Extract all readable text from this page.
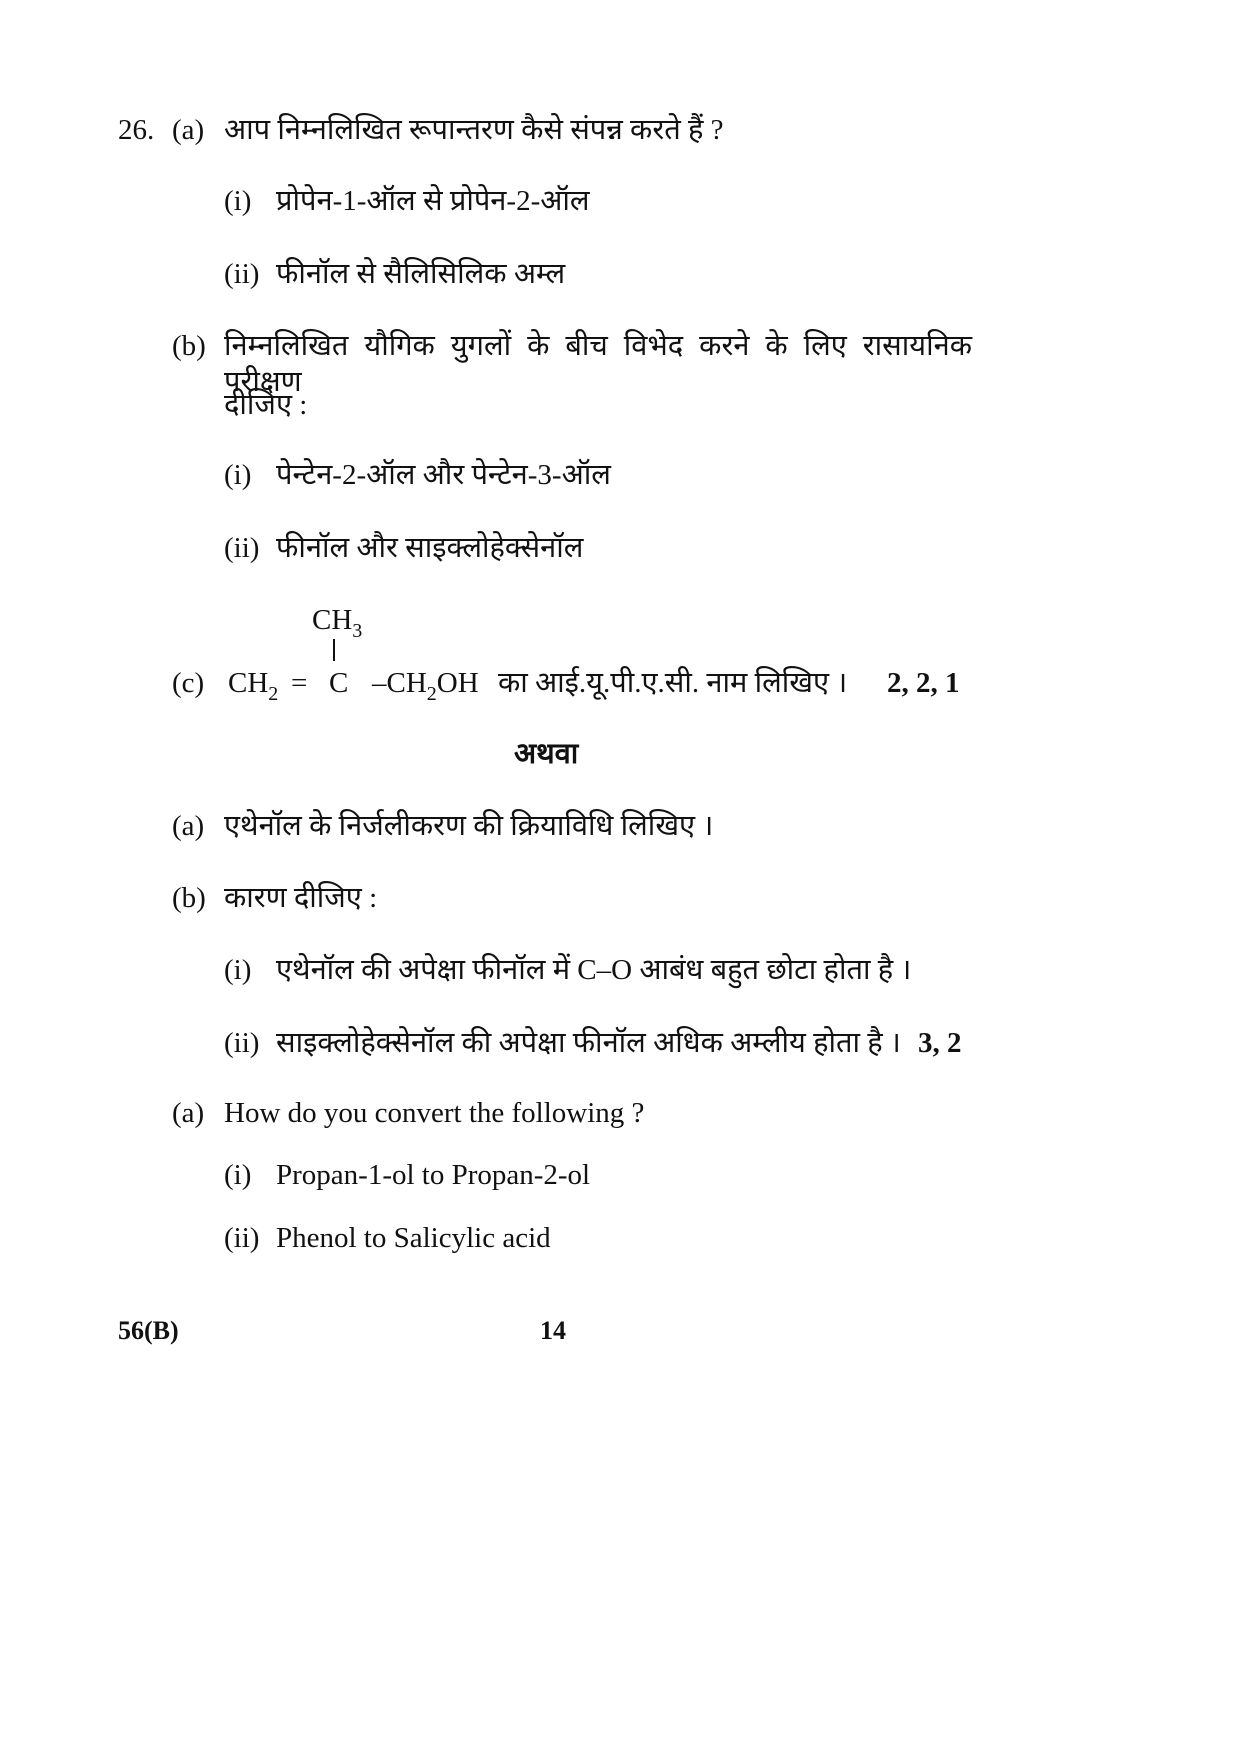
26. (a) आप निम्नलिखित रूपान्तरण कैसे संपन्न करते हैं ?
(i) प्रोपेन-1-ऑल से प्रोपेन-2-ऑल
(ii) फीनॉल से सैलिसिलिक अम्ल
(b) निम्नलिखित यौगिक युगलों के बीच विभेद करने के लिए रासायनिक परीक्षण
दीजिए :
(i) पेन्टेन-2-ऑल और पेन्टेन-3-ऑल
(ii) फीनॉल और साइक्लोहेक्सेनॉल
$CH_3$
(c) $CH_2 = C$ $-CH_2OH$ का आई.यू.पी.ए.सी. नाम लिखिए । 2, 2, 1
अथवा
(a) एथेनॉल के निर्जलीकरण की क्रियाविधि लिखिए ।
(b) कारण दीजिए :
(i) एथेनॉल की अपेक्षा फीनॉल में C–O आबंध बहुत छोटा होता है ।
(ii) साइक्लोहेक्सेनॉल की अपेक्षा फीनॉल अधिक अम्लीय होता है । 3, 2
(a) How do you convert the following ?
(i) Propan-1-ol to Propan-2-ol
(ii) Phenol to Salicylic acid
56(B)	14
